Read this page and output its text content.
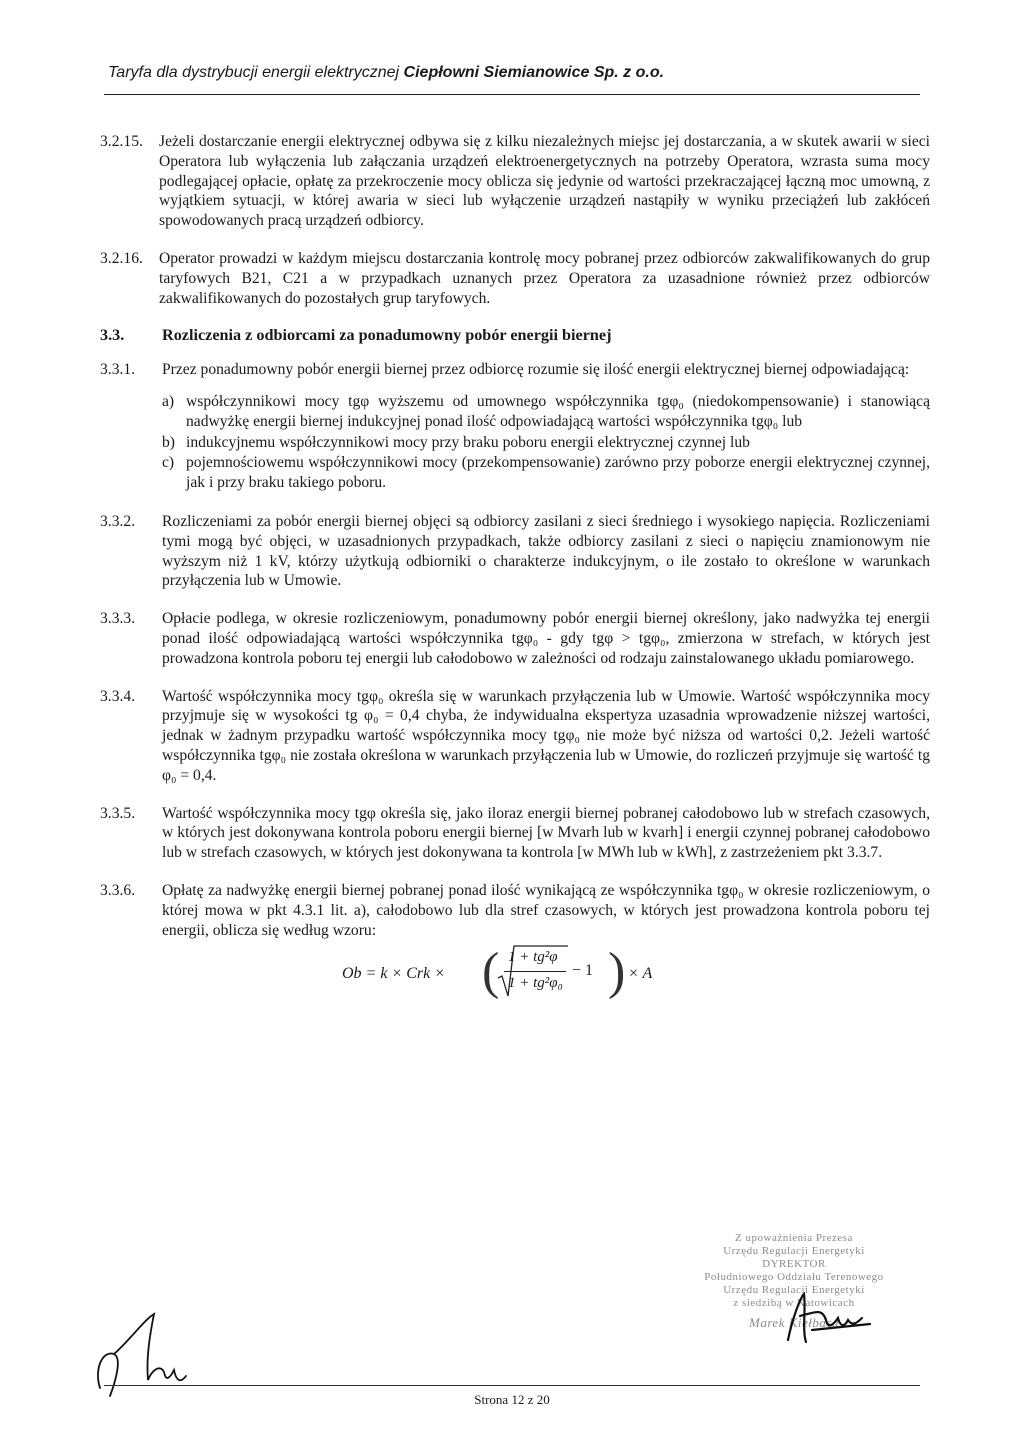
Taryfa dla dystrybucji energii elektrycznej Ciepłowni Siemianowice Sp. z o.o.
3.2.15.	Jeżeli dostarczanie energii elektrycznej odbywa się z kilku niezależnych miejsc jej dostarczania, a w skutek awarii w sieci Operatora lub wyłączenia lub załączania urządzeń elektroenergetycznych na potrzeby Operatora, wzrasta suma mocy podlegającej opłacie, opłatę za przekroczenie mocy oblicza się jedynie od wartości przekraczającej łączną moc umowną, z wyjątkiem sytuacji, w której awaria w sieci lub wyłączenie urządzeń nastąpiły w wyniku przeciążeń lub zakłóceń spowodowanych pracą urządzeń odbiorcy.
3.2.16.	Operator prowadzi w każdym miejscu dostarczania kontrolę mocy pobranej przez odbiorców zakwalifikowanych do grup taryfowych B21, C21 a w przypadkach uznanych przez Operatora za uzasadnione również przez odbiorców zakwalifikowanych do pozostałych grup taryfowych.
3.3.	Rozliczenia z odbiorcami za ponadumowny pobór energii biernej
3.3.1.	Przez ponadumowny pobór energii biernej przez odbiorcę rozumie się ilość energii elektrycznej biernej odpowiadającą:
a) współczynnikowi mocy tgφ wyższemu od umownego współczynnika tgφ₀ (niedokompensowanie) i stanowiącą nadwyżkę energii biernej indukcyjnej ponad ilość odpowiadającą wartości współczynnika tgφ₀ lub
b) indukcyjnemu współczynnikowi mocy przy braku poboru energii elektrycznej czynnej lub
c) pojemnościowemu współczynnikowi mocy (przekompensowanie) zarówno przy poborze energii elektrycznej czynnej, jak i przy braku takiego poboru.
3.3.2.	Rozliczeniami za pobór energii biernej objęci są odbiorcy zasilani z sieci średniego i wysokiego napięcia. Rozliczeniami tymi mogą być objęci, w uzasadnionych przypadkach, także odbiorcy zasilani z sieci o napięciu znamionowym nie wyższym niż 1 kV, którzy użytkują odbiorniki o charakterze indukcyjnym, o ile zostało to określone w warunkach przyłączenia lub w Umowie.
3.3.3.	Opłacie podlega, w okresie rozliczeniowym, ponadumowny pobór energii biernej określony, jako nadwyżka tej energii ponad ilość odpowiadającą wartości współczynnika tgφ₀ - gdy tgφ > tgφ₀, zmierzona w strefach, w których jest prowadzona kontrola poboru tej energii lub całodobowo w zależności od rodzaju zainstalowanego układu pomiarowego.
3.3.4.	Wartość współczynnika mocy tgφ₀ określa się w warunkach przyłączenia lub w Umowie. Wartość współczynnika mocy przyjmuje się w wysokości tg φ₀ = 0,4 chyba, że indywidualna ekspertyza uzasadnia wprowadzenie niższej wartości, jednak w żadnym przypadku wartość współczynnika mocy tgφ₀ nie może być niższa od wartości 0,2. Jeżeli wartość współczynnika tgφ₀ nie została określona w warunkach przyłączenia lub w Umowie, do rozliczeń przyjmuje się wartość tg φ₀ = 0,4.
3.3.5.	Wartość współczynnika mocy tgφ określa się, jako iloraz energii biernej pobranej całodobowo lub w strefach czasowych, w których jest dokonywana kontrola poboru energii biernej [w Mvarh lub w kvarh] i energii czynnej pobranej całodobowo lub w strefach czasowych, w których jest dokonywana ta kontrola [w MWh lub w kWh], z zastrzeżeniem pkt 3.3.7.
3.3.6.	Opłatę za nadwyżkę energii biernej pobranej ponad ilość wynikającą ze współczynnika tgφ₀ w okresie rozliczeniowym, o której mowa w pkt 4.3.1 lit. a), całodobowo lub dla stref czasowych, w których jest prowadzona kontrola poboru tej energii, oblicza się według wzoru:
Ob = k × Crk × ( 1 + tg²φ
1 + tg²φ₀
− 1 ) × A
Z upoważnienia Prezesa
Urzędu Regulacji Energetyki
DYREKTOR
Południowego Oddziału Terenowego
Urzędu Regulacji Energetyki
z siedzibą w Katowicach
Marek Kiełbasa
Strona 12 z 20
